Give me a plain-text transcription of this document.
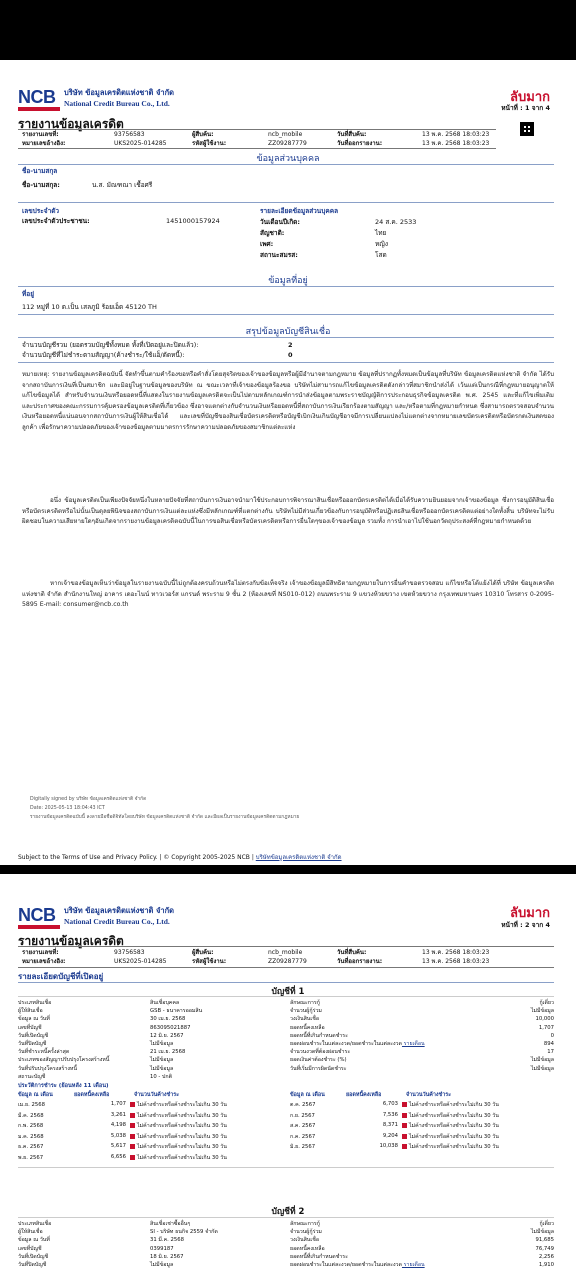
NCB	บริษัท ข้อมูลเครดิตแห่งชาติ จำกัด
National Credit Bureau Co., Ltd.	ลับมาก
หน้าที่ : 1 จาก 4
รายงานข้อมูลเครดิต
รายงานเลขที่:	93756583	ผู้สืบค้น:	ncb_mobile	วันที่สืบค้น:	13 พ.ค. 2568 18:03:23
หมายเลขอ้างอิง:	UKS2025-014285	รหัสผู้ใช้งาน:	ZZ09287779	วันที่ออกรายงาน:	13 พ.ค. 2568 18:03:23
ข้อมูลส่วนบุคคล
ชื่อ-นามสกุล
ชื่อ-นามสกุล:	น.ส. มัณฑณา เชื้อศรี
เลขประจำตัว	รายละเอียดข้อมูลส่วนบุคคล
เลขประจำตัวประชาชน:	1451000157924	วันเดือนปีเกิด:	24 ส.ค. 2533
สัญชาติ:	ไทย
เพศ:	หญิง
สถานะสมรส:	โสด
ข้อมูลที่อยู่
ที่อยู่
112 หมู่ที่ 10 ต.เป็น เสลภูมิ ร้อยเอ็ด 45120 TH
สรุปข้อมูลบัญชีสินเชื่อ
จำนวนบัญชีรวม (ยอดรวมบัญชีทั้งหมด ทั้งที่เปิดอยู่และปิดแล้ว):	2
จำนวนบัญชีที่ไม่ชำระตามสัญญา(ค้างชำระ/ใช้แอ็/ตัดหนี้):	0
หมายเหตุ: รายงานข้อมูลเครดิตฉบับนี้ จัดทำขึ้นตามคำร้องขอหรือคำสั่งโดยสุจริตของเจ้าของข้อมูลหรือผู้มีอำนาจตามกฎหมาย ข้อมูลที่ปรากฏทั้งหมดเป็นข้อมูลที่บริษัท ข้อมูลเครดิตแห่งชาติ จำกัด ได้รับจากสถาบันการเงินที่เป็นสมาชิก และมิอยู่ในฐานข้อมูลของบริษัท ณ ขณะเวลาที่เจ้าของข้อมูลร้องขอ บริษัทไม่สามารถแก้ไขข้อมูลเครดิตดังกล่าวที่สมาชิกนำส่งได้ เว้นแต่เป็นกรณีที่กฎหมายอนุญาตให้แก้ไขข้อมูลได้ สำหรับจำนวนเงินหรือยอดหนี้ที่แสดงในรายงานข้อมูลเครดิตจะเป็นไปตามหลักเกณฑ์การนำส่งข้อมูลตามพระราชบัญญัติการประกอบธุรกิจข้อมูลเครดิต พ.ศ. 2545 และที่แก้ไขเพิ่มเติม และประกาศของคณะกรรมการคุ้มครองข้อมูลเครดิตที่เกี่ยวข้อง ซึ่งอาจแตกต่างกับจำนวนเงินหรือยอดหนี้ที่สถาบันการเงินเรียกร้องตามสัญญา และ/หรือตามที่กฎหมายกำหนด ซึ่งสามารถตรวจสอบจำนวนเงินหรือยอดหนี้แน่นอนจากสถาบันการเงินผู้ให้สินเชื่อได้ และเลขที่บัญชีของสินเชื่อบัตรเครดิตหรือบัญชีเบิกเงินเกินบัญชีอาจมีการเปลี่ยนแปลงไม่แตกต่างจากหมายเลขบัตรเครดิตหรือบัตรกดเงินสดของลูกค้า เพื่อรักษาความปลอดภัยของเจ้าของข้อมูลตามมาตรการรักษาความปลอดภัยของสมาชิกแต่ละแห่ง
อนึ่ง ข้อมูลเครดิตเป็นเพียงปัจจัยหนึ่งในหลายปัจจัยที่สถาบันการเงินอาจนำมาใช้ประกอบการพิจารณาสินเชื่อหรือออกบัตรเครดิตได้เมื่อได้รับความยินยอมจากเจ้าของข้อมูล ซึ่งการอนุมัติสินเชื่อหรือบัตรเครดิตหรือไม่นั้นเป็นดุลยพินิจของสถาบันการเงินแต่ละแห่งซึ่งมีหลักเกณฑ์ที่แตกต่างกัน บริษัทไม่มีส่วนเกี่ยวข้องกับการอนุมัติหรือปฏิเสธสินเชื่อหรือออกบัตรเครดิตแต่อย่างใดทั้งสิ้น บริษัทจะไม่รับผิดชอบในความเสียหายใดๆอันเกิดจากรายงานข้อมูลเครดิตฉบับนี้ในการขอสินเชื่อหรือบัตรเครดิตหรือการยื่นใดๆของเจ้าของข้อมูล รวมทั้ง การนำเอาไปใช้นอกวัตถุประสงค์ที่กฎหมายกำหนดด้วย
หากเจ้าของข้อมูลเห็นว่าข้อมูลในรายงานฉบับนี้ไม่ถูกต้องครบถ้วนหรือไม่ตรงกับข้อเท็จจริง เจ้าของข้อมูลมีสิทธิตามกฎหมายในการยื่นคำขอตรวจสอบ แก้ไขหรือโต้แย้งได้ที่ บริษัท ข้อมูลเครดิตแห่งชาติ จำกัด สำนักงานใหญ่ อาคาร เดอะไนน์ ทาวเวอร์ส แกรนด์ พระราม 9 ชั้น 2 (ห้องเลขที่ NS010-012) ถนนพระราม 9 แขวงห้วยขวาง เขตห้วยขวาง กรุงเทพมหานคร 10310 โทรสาร 0-2095-5895 E-mail: consumer@ncb.co.th
Digitally signed by บริษัท ข้อมูลเครดิตแห่งชาติ จำกัด
Date: 2025-05-13 18:04:43 ICT
รายงานข้อมูลเครดิตฉบับนี้ ลงลายมือชื่อดิจิทัลโดยบริษัท ข้อมูลเครดิตแห่งชาติ จำกัด และมีผลเป็นรายงานข้อมูลเครดิตตามกฎหมาย
Subject to the Terms of Use and Privacy Policy. | © Copyright 2005-2025 NCB | บริษัทข้อมูลเครดิตแห่งชาติ จำกัด
NCB	บริษัท ข้อมูลเครดิตแห่งชาติ จำกัด
National Credit Bureau Co., Ltd.
ลับมาก
หน้าที่ : 2 จาก 4
รายงานข้อมูลเครดิต
รายงานเลขที่:	93756583	ผู้สืบค้น:	ncb_mobile	วันที่สืบค้น:	13 พ.ค. 2568 18:03:23
หมายเลขอ้างอิง:	UKS2025-014285	รหัสผู้ใช้งาน:	ZZ09287779	วันที่ออกรายงาน:	13 พ.ค. 2568 18:03:23
รายละเอียดบัญชีที่เปิดอยู่
บัญชีที่ 1
ประวัติการชำระ (ย้อนหลัง 11 เดือน)
บัญชีที่ 2
ประเภทสินเชื่อ	สินเชื่อบุคคล
ผู้ให้สินเชื่อ	GSB - ธนาคารออมสิน
ข้อมูล ณ วันที่	30 เม.ย. 2568
เลขที่บัญชี	863095021887
วันที่เปิดบัญชี	12 มิ.ย. 2567
วันที่ปิดบัญชี	ไม่มีข้อมูล
วันที่ชำระหนี้ครั้งล่าสุด	21 เม.ย. 2568
ประเภทของสัญญาปรับปรุงโครงสร้างหนี้	ไม่มีข้อมูล
วันที่ปรับปรุงโครงสร้างหนี้	ไม่มีข้อมูล
สถานะบัญชี	10 - ปกติ
ลักษณะการกู้	กู้เดี่ยว
จำนวนผู้กู้ร่วม	ไม่มีข้อมูล
วงเงินสินเชื่อ	10,000
ยอดหนี้คงเหลือ	1,707
ยอดหนี้ที่เกินกำหนดชำระ	0
ยอดผ่อนชำระในแต่ละงวด/ยอดชำระในแต่ละงวด รายเดือน	894
จำนวนงวดที่ต้องผ่อนชำระ	17
ยอดเงินค่าต้องชำระ (%)	ไม่มีข้อมูล
วันที่เริ่มมีการผิดนัดชำระ	ไม่มีข้อมูล
ประเภทสินเชื่อ	สินเชื่อเช่าซื้ออื่นๆ
ผู้ให้สินเชื่อ	SI - บริษัท ธนกิจ 2559 จำกัด
ข้อมูล ณ วันที่	31 มี.ค. 2568
เลขที่บัญชี	0399187
วันที่เปิดบัญชี	18 มิ.ย. 2567
วันที่ปิดบัญชี	ไม่มีข้อมูล
ลักษณะการกู้	กู้เดี่ยว
จำนวนผู้กู้ร่วม	ไม่มีข้อมูล
วงเงินสินเชื่อ	91,685
ยอดหนี้คงเหลือ	76,749
ยอดหนี้ที่เกินกำหนดชำระ	2,256
ยอดผ่อนชำระในแต่ละงวด/ยอดชำระในแต่ละงวด รายเดือน	1,910
ข้อมูล ณ เดือน	ยอดหนี้คงเหลือ	จำนวนวันค้างชำระ
เม.ย. 2568	1,707	ไม่ค้างชำระหรือค้างชำระไม่เกิน 30 วัน
มี.ค. 2568	3,261	ไม่ค้างชำระหรือค้างชำระไม่เกิน 30 วัน
ก.พ. 2568	4,198	ไม่ค้างชำระหรือค้างชำระไม่เกิน 30 วัน
ม.ค. 2568	5,038	ไม่ค้างชำระหรือค้างชำระไม่เกิน 30 วัน
ธ.ค. 2567	5,617	ไม่ค้างชำระหรือค้างชำระไม่เกิน 30 วัน
พ.ย. 2567	6,656	ไม่ค้างชำระหรือค้างชำระไม่เกิน 30 วัน
ข้อมูล ณ เดือน	ยอดหนี้คงเหลือ	จำนวนวันค้างชำระ
ต.ค. 2567	6,703	ไม่ค้างชำระหรือค้างชำระไม่เกิน 30 วัน
ก.ย. 2567	7,536	ไม่ค้างชำระหรือค้างชำระไม่เกิน 30 วัน
ส.ค. 2567	8,371	ไม่ค้างชำระหรือค้างชำระไม่เกิน 30 วัน
ก.ค. 2567	9,204	ไม่ค้างชำระหรือค้างชำระไม่เกิน 30 วัน
มิ.ย. 2567	10,038	ไม่ค้างชำระหรือค้างชำระไม่เกิน 30 วัน
